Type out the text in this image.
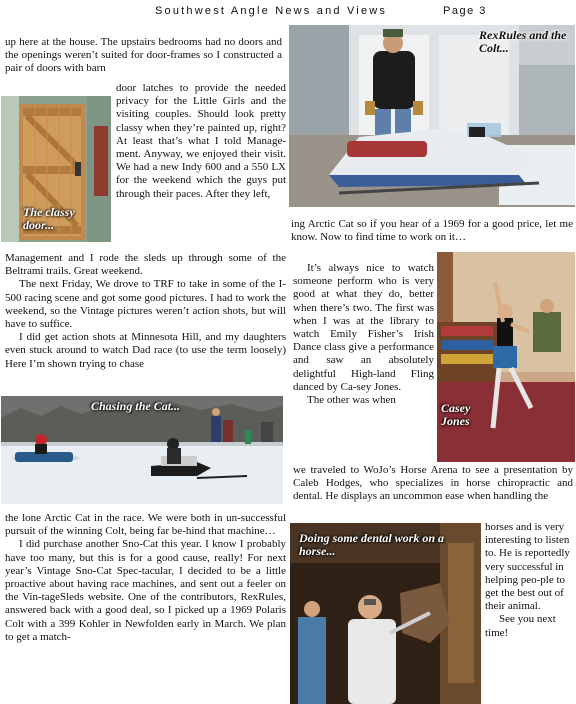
Southwest Angle News and Views	Page 3

up here at the house. The upstairs bedrooms had no doors and the openings weren’t suited for door-frames so I constructed a pair of doors with barn

The classy door...

door latches to provide the needed privacy for the Little Girls and the visiting couples. Should look pretty classy when they’re painted up, right? At least that’s what I told Manage-ment. Anyway, we enjoyed their visit. We had a new Indy 600 and a 550 LX for the weekend which the guys put through their paces. After they left,

Management and I rode the sleds up through some of the Beltrami trails. Great weekend.

The next Friday, We drove to TRF to take in some of the I-500 racing scene and got some good pictures. I had to work the weekend, so the Vintage pictures weren’t action shots, but will have to suffice.

I did get action shots at Minnesota Hill, and my daughters even stuck around to watch Dad race (to use the term loosely) Here I’m shown trying to chase

Chasing the Cat...

the lone Arctic Cat in the race. We were both in un-successful pursuit of the winning Colt, being far be-hind that machine…

I did purchase another Sno-Cat this year. I know I probably have too many, but this is for a good cause, really! For next year’s Vintage Sno-Cat Spec-tacular, I decided to be a little proactive about having race machines, and sent out a feeler on the Vin-tageSleds website. One of the contributors, RexRules, answered back with a good deal, so I picked up a 1969 Polaris Colt with a 399 Kohler in Newfolden early in March. We plan to get a match-

RexRules and the Colt...

ing Arctic Cat so if you hear of a 1969 for a good price, let me know. Now to find time to work on it…

It’s always nice to watch someone perform who is very good at what they do, better when there’s two. The first was when I was at the library to watch Emily Fisher’s Irish Dance class give a performance and saw an absolutely delightful High-land Fling danced by Ca-sey Jones.

The other was when

Casey Jones

we traveled to WoJo’s Horse Arena to see a presentation by Caleb Hodges, who specializes in horse chiropractic and dental. He displays an uncommon ease when handling the

Doing some dental work on a horse...

horses and is very interesting to listen to. He is reportedly very successful in helping peo-ple to get the best out of their animal.

See you next time!
